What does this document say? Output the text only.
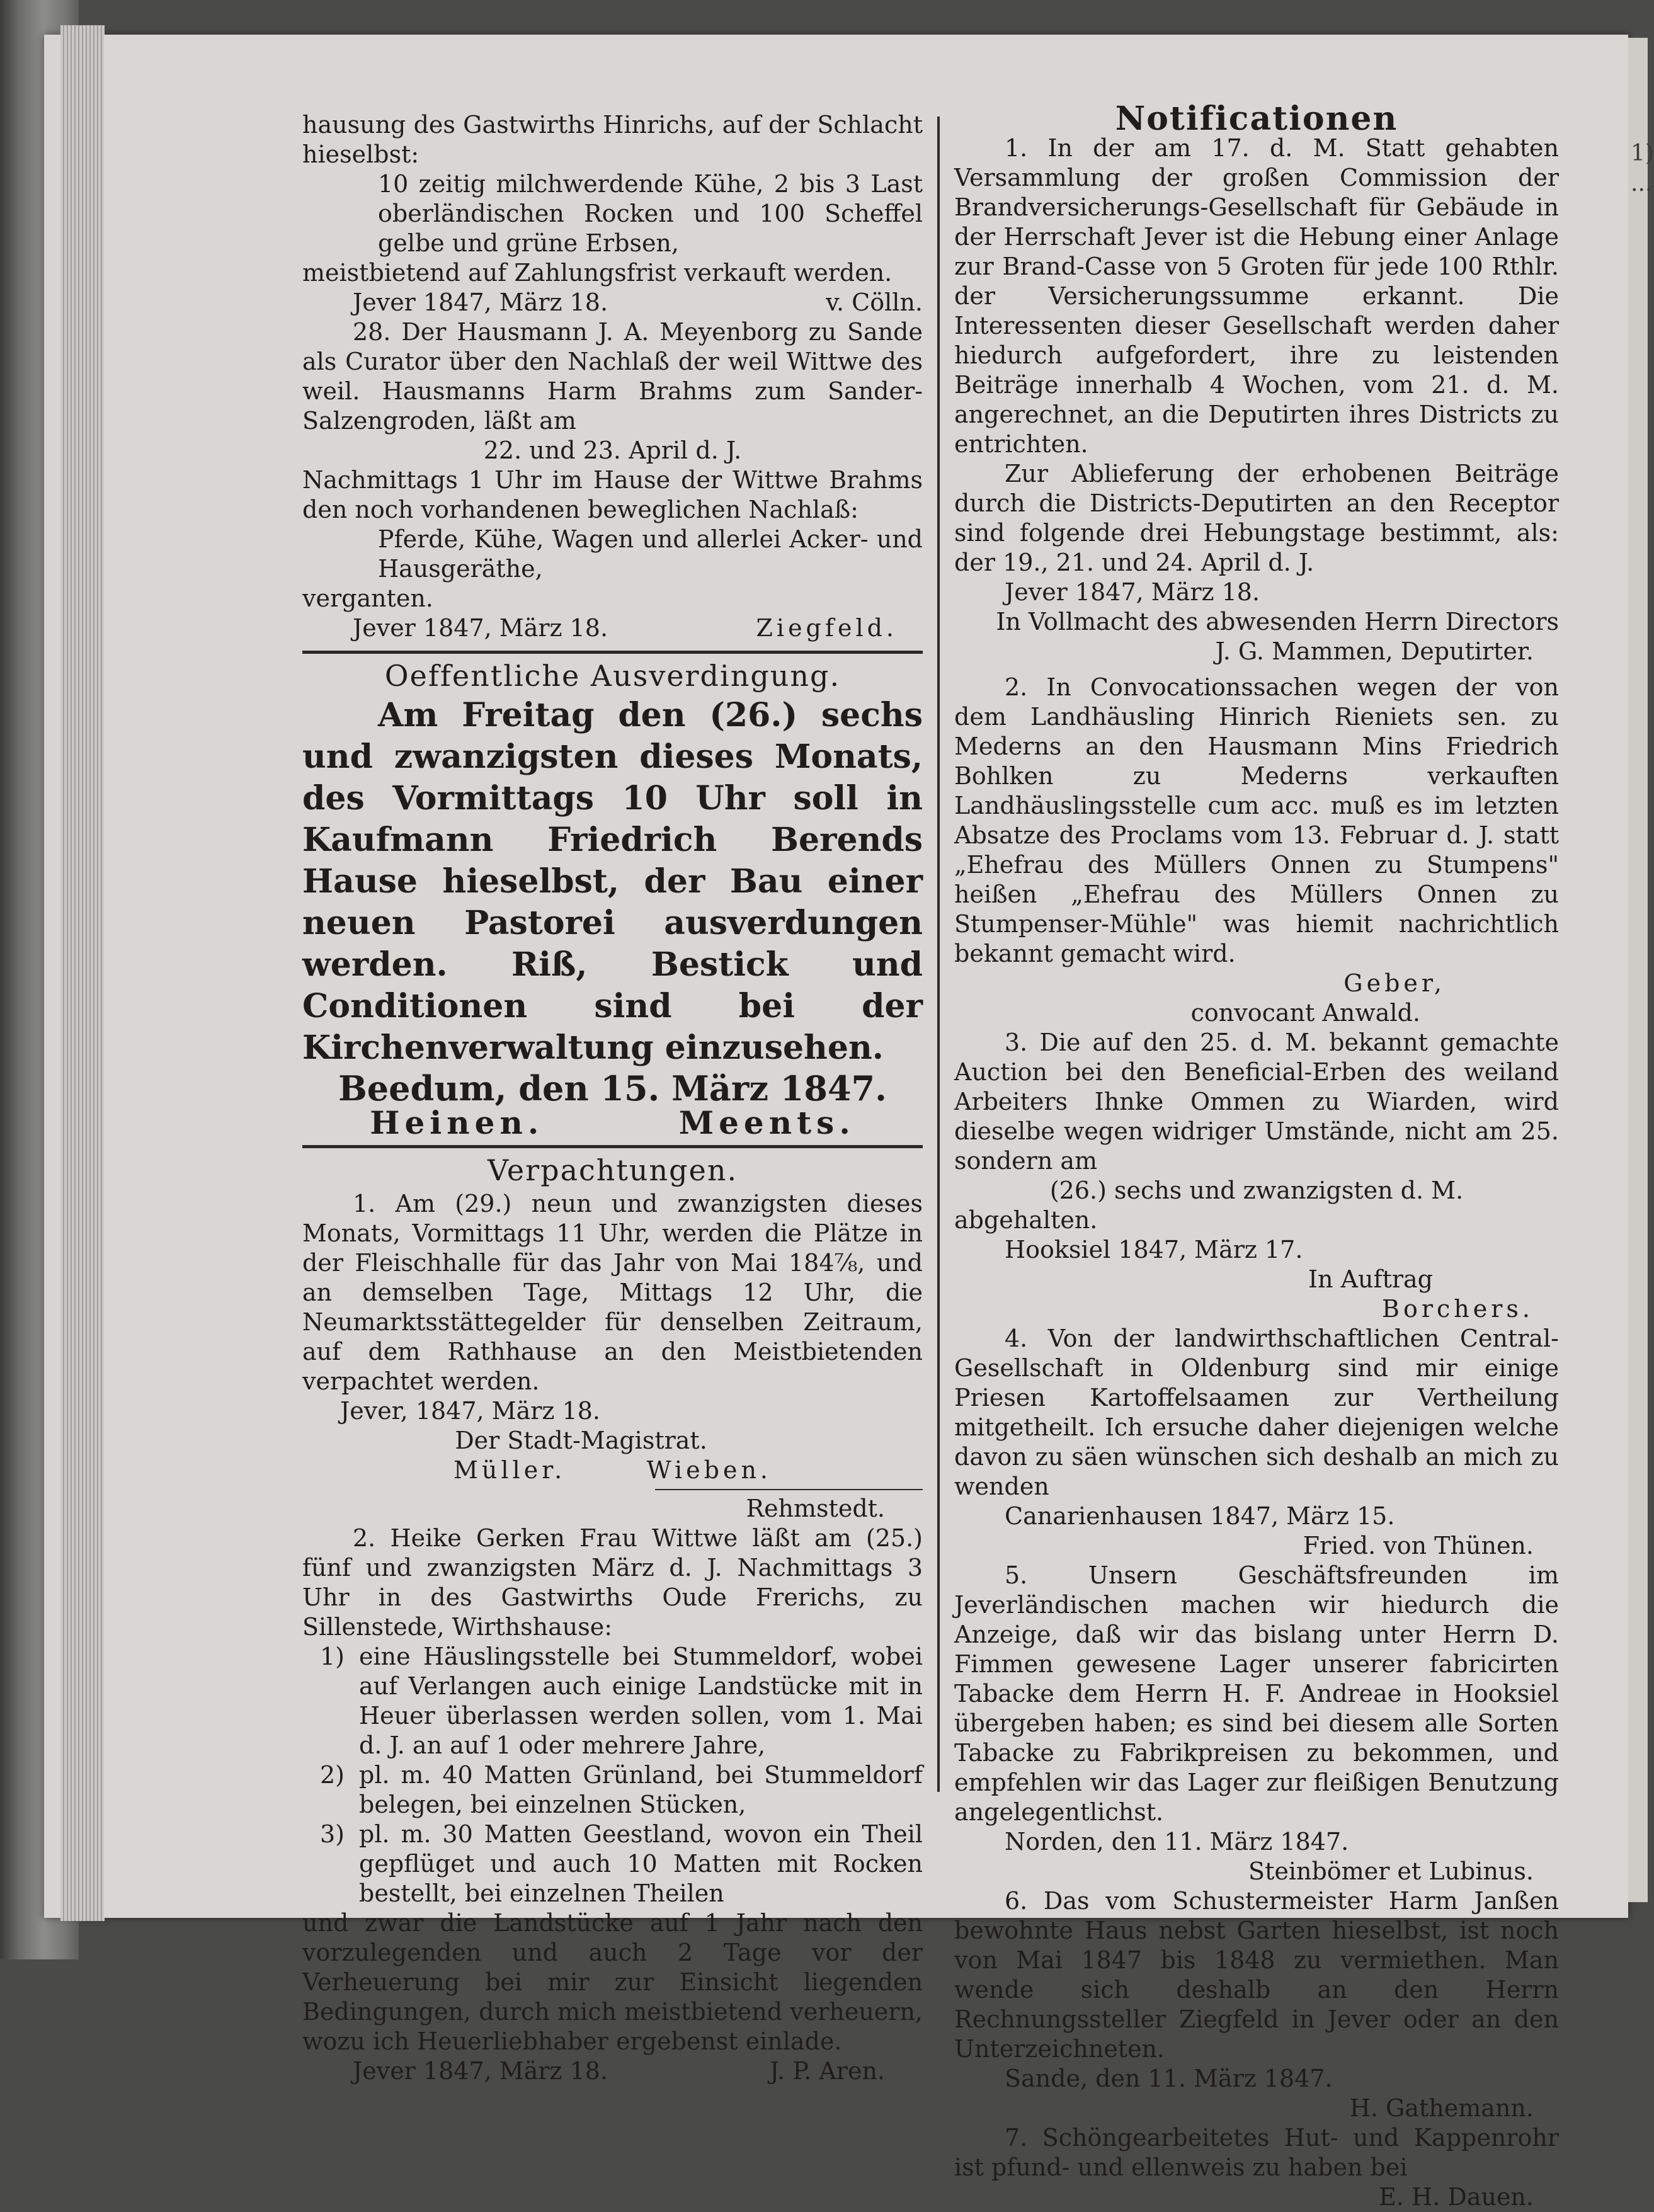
1) ...

hausung des Gastwirths Hinrichs, auf der Schlacht hieselbst:

10 zeitig milchwerdende Kühe, 2 bis 3 Last oberländischen Rocken und 100 Scheffel gelbe und grüne Erbsen,

meistbietend auf Zahlungsfrist verkauft werden.

Jever 1847, März 18.	v. Cölln.

28. Der Hausmann J. A. Meyenborg zu Sande als Curator über den Nachlaß der weil Wittwe des weil. Hausmanns Harm Brahms zum Sander-Salzengroden, läßt am

22. und 23. April d. J.

Nachmittags 1 Uhr im Hause der Wittwe Brahms den noch vorhandenen beweglichen Nachlaß:

Pferde, Kühe, Wagen und allerlei Acker- und Hausgeräthe,

verganten.

Jever 1847, März 18.	Ziegfeld.

Oeffentliche Ausverdingung.

Am Freitag den (26.) sechs und zwanzigsten dieses Monats, des Vormittags 10 Uhr soll in Kaufmann Friedrich Berends Hause hieselbst, der Bau einer neuen Pastorei ausverdungen werden. Riß, Bestick und Conditionen sind bei der Kirchenverwaltung einzusehen.

Beedum, den 15. März 1847.

Heinen.	Meents.

Verpachtungen.

1. Am (29.) neun und zwanzigsten dieses Monats, Vormittags 11 Uhr, werden die Plätze in der Fleischhalle für das Jahr von Mai 184⅞, und an demselben Tage, Mittags 12 Uhr, die Neumarktsstättegelder für denselben Zeitraum, auf dem Rathhause an den Meistbietenden verpachtet werden.

Jever, 1847, März 18.

Der Stadt-Magistrat.

Müller.	Wieben.

Rehmstedt.

2. Heike Gerken Frau Wittwe läßt am (25.) fünf und zwanzigsten März d. J. Nachmittags 3 Uhr in des Gastwirths Oude Frerichs, zu Sillenstede, Wirthshause:

1) eine Häuslingsstelle bei Stummeldorf, wobei auf Verlangen auch einige Landstücke mit in Heuer überlassen werden sollen, vom 1. Mai d. J. an auf 1 oder mehrere Jahre,
2) pl. m. 40 Matten Grünland, bei Stummeldorf belegen, bei einzelnen Stücken,
3) pl. m. 30 Matten Geestland, wovon ein Theil gepflüget und auch 10 Matten mit Rocken bestellt, bei einzelnen Theilen

und zwar die Landstücke auf 1 Jahr nach den vorzulegenden und auch 2 Tage vor der Verheuerung bei mir zur Einsicht liegenden Bedingungen, durch mich meistbietend verheuern, wozu ich Heuerliebhaber ergebenst einlade.

Jever 1847, März 18.	J. P. Aren.

Notificationen

1. In der am 17. d. M. Statt gehabten Versammlung der großen Commission der Brandversicherungs-Gesellschaft für Gebäude in der Herrschaft Jever ist die Hebung einer Anlage zur Brand-Casse von 5 Groten für jede 100 Rthlr. der Versicherungssumme erkannt. Die Interessenten dieser Gesellschaft werden daher hiedurch aufgefordert, ihre zu leistenden Beiträge innerhalb 4 Wochen, vom 21. d. M. angerechnet, an die Deputirten ihres Districts zu entrichten.

Zur Ablieferung der erhobenen Beiträge durch die Districts-Deputirten an den Receptor sind folgende drei Hebungstage bestimmt, als: der 19., 21. und 24. April d. J.

Jever 1847, März 18.

In Vollmacht des abwesenden Herrn Directors

J. G. Mammen, Deputirter.

2. In Convocationssachen wegen der von dem Landhäusling Hinrich Rieniets sen. zu Mederns an den Hausmann Mins Friedrich Bohlken zu Mederns verkauften Landhäuslingsstelle cum acc. muß es im letzten Absatze des Proclams vom 13. Februar d. J. statt „Ehefrau des Müllers Onnen zu Stumpens" heißen „Ehefrau des Müllers Onnen zu Stumpenser-Mühle" was hiemit nachrichtlich bekannt gemacht wird.

Geber,

convocant Anwald.

3. Die auf den 25. d. M. bekannt gemachte Auction bei den Beneficial-Erben des weiland Arbeiters Ihnke Ommen zu Wiarden, wird dieselbe wegen widriger Umstände, nicht am 25. sondern am

(26.) sechs und zwanzigsten d. M.

abgehalten.

Hooksiel 1847, März 17.

In Auftrag

Borchers.

4. Von der landwirthschaftlichen Central-Gesellschaft in Oldenburg sind mir einige Priesen Kartoffelsaamen zur Vertheilung mitgetheilt. Ich ersuche daher diejenigen welche davon zu säen wünschen sich deshalb an mich zu wenden

Canarienhausen 1847, März 15.

Fried. von Thünen.

5. Unsern Geschäftsfreunden im Jeverländischen machen wir hiedurch die Anzeige, daß wir das bislang unter Herrn D. Fimmen gewesene Lager unserer fabricirten Tabacke dem Herrn H. F. Andreae in Hooksiel übergeben haben; es sind bei diesem alle Sorten Tabacke zu Fabrikpreisen zu bekommen, und empfehlen wir das Lager zur fleißigen Benutzung angelegentlichst.

Norden, den 11. März 1847.

Steinbömer et Lubinus.

6. Das vom Schustermeister Harm Janßen bewohnte Haus nebst Garten hieselbst, ist noch von Mai 1847 bis 1848 zu vermiethen. Man wende sich deshalb an den Herrn Rechnungssteller Ziegfeld in Jever oder an den Unterzeichneten.

Sande, den 11. März 1847.

H. Gathemann.

7. Schöngearbeitetes Hut- und Kappenrohr ist pfund- und ellenweis zu haben bei

E. H. Dauen.
